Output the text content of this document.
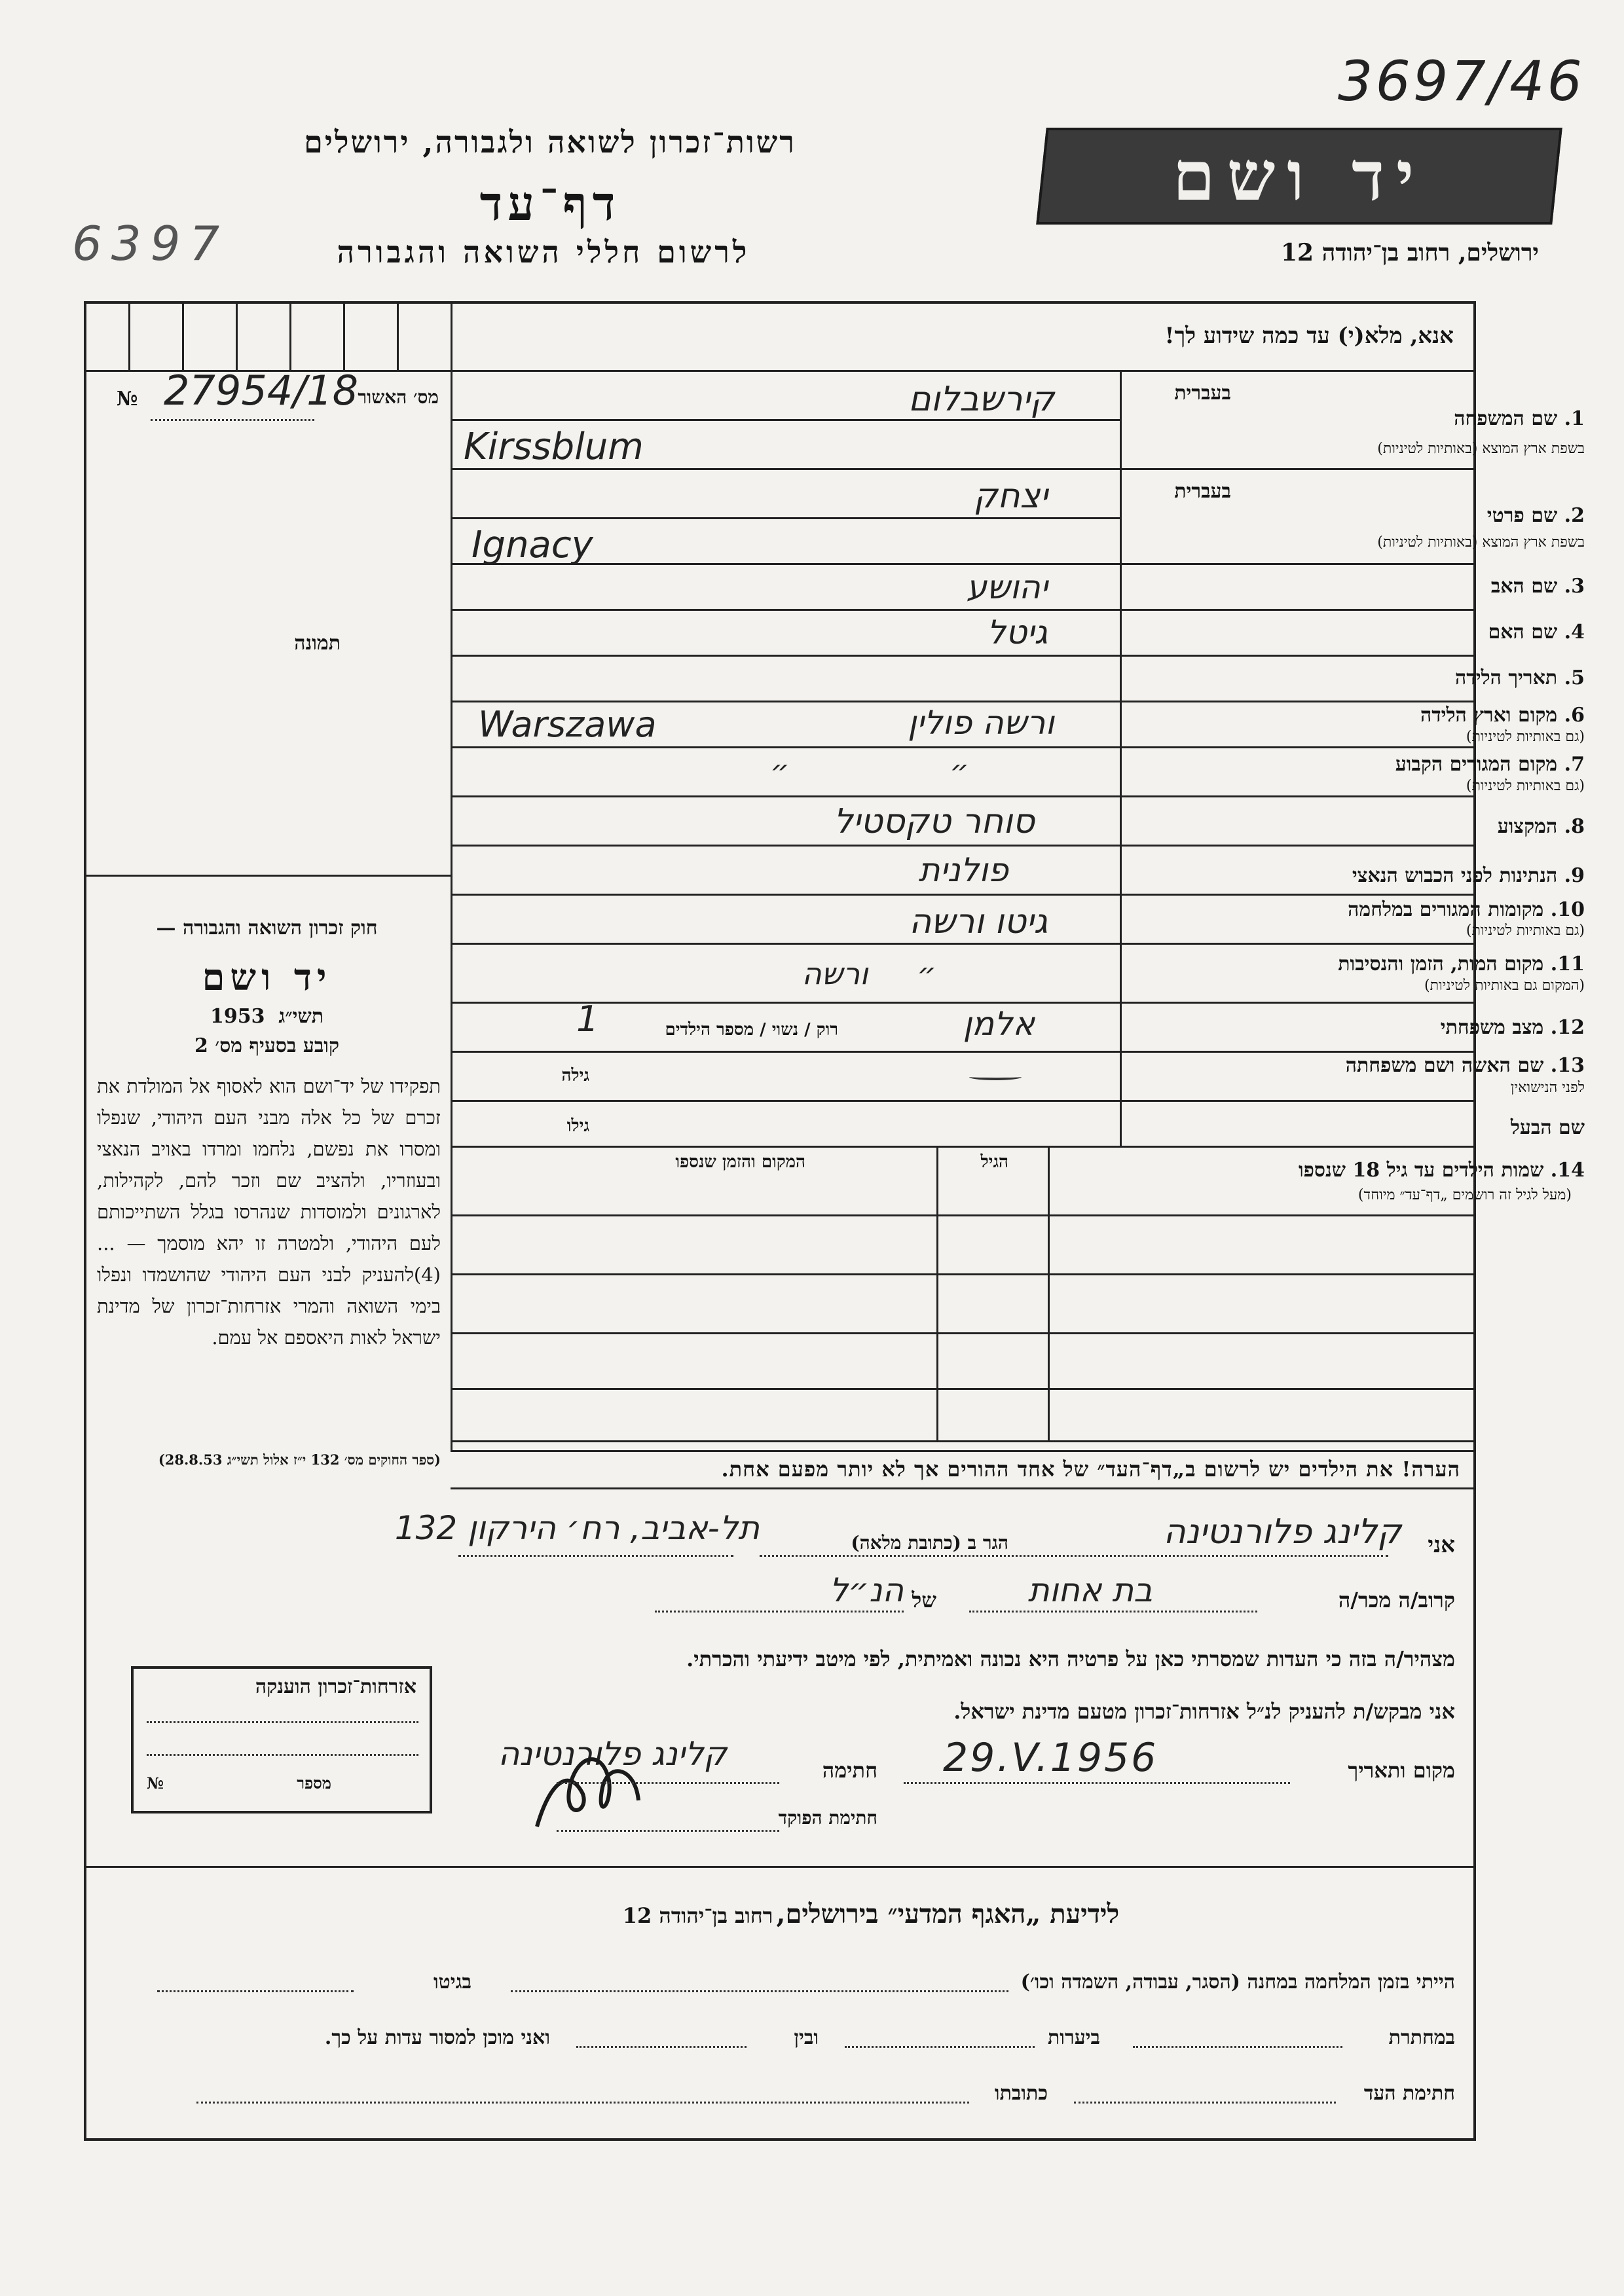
3697/46
6397
רשות־זכרון לשואה ולגבורה, ירושלים
דף־עד
לרשום חללי השואה והגבורה
יד ושם
ירושלים, רחוב בן־יהודה 12
מס׳ האשור
27954/18
№
תמונה
חוק זכרון השואה והגבורה —
יד ושם
תשי״ג  1953
קובע בסעיף מס׳ 2
תפקידו של יד־ושם הוא לאסוף אל המולדת את זכרם של כל אלה מבני העם היהודי, שנפלו ומסרו את נפשם, נלחמו ומרדו באויב הנאצי ובעוזריו, ולהציב שם וזכר להם, לקהילות, לארגונים ולמוסדות שנהרסו בגלל השתייכותם לעם היהודי, ולמטרה זו יהא מוסמך — ...(4)להעניק לבני העם היהודי שהושמדו ונפלו בימי השואה והמרי אזרחות־זכרון של מדינת ישראל לאות היאספם אל עמם.
(ספר החוקים מס׳ 132 י״ז אלול תשי״ג 28.8.53)
אנא, מלא(י) עד כמה שידוע לך!
בעברית
1. שם המשפחה
בשפת ארץ המוצא (באותיות לטיניות)
קירשבלום
Kirssblum
בעברית
2. שם פרטי
בשפת ארץ המוצא (באותיות לטיניות)
יצחק
Ignacy
3. שם האב
יהושע
4. שם האם
גיטל
5. תאריך הלידה
6. מקום וארץ הלידה
(גם באותיות לטיניות)
ורשה פולין
Warszawa
7. מקום המגורים הקבוע
(גם באותיות לטיניות)
״ ״
8. המקצוע
סוחר טקסטיל
9. הנתינות לפני הכבוש הנאצי
פולנית
10. מקומות המגורים במלחמה
(גם באותיות לטיניות)
גיטו ורשה
11. מקום המות, הזמן והנסיבות
(המקום גם באותיות לטיניות)
״ ורשה
12. מצב משפחתי
אלמן
רוק / נשוי / מספר הילדים
1
13. שם האשה ושם משפחתה
לפני הנישואין
גילה
שם הבעל
גילו
14. שמות הילדים עד גיל 18 שנספו
(מעל לגיל זה רושמים „דף־עד״ מיוחד)
הגיל
המקום והזמן שנספו
הערה! את הילדים יש לרשום ב„דף־העד״ של אחד ההורים אך לא יותר מפעם אחת.
אני
קלינג פלורנטינה
הגר ב (כתובת מלאה)
תל-אביב, רח׳ הירקון 132
קרוב/ה מכר/ה
בת אחות
של
הנ״ל
מצהיר/ה בזה כי העדות שמסרתי כאן על פרטיה היא נכונה ואמיתית, לפי מיטב ידיעתי והכרתי.
אני מבקש/ת להעניק לנ״ל אזרחות־זכרון מטעם מדינת ישראל.
מקום ותאריך
29.V.1956
חתימה
קלינג פלורנטינה
חתימת הפוקד
אזרחות־זכרון הוענקה
מספר
№
לידיעת „האגף המדעי״ בירושלים, רחוב בן־יהודה 12
הייתי בזמן המלחמה במחנה (הסגר, עבודה, השמדה וכו׳)
בגיטו
במחתרת
ביערות
ובין
ואני מוכן למסור עדות על כך.
חתימת העד
כתובתו
